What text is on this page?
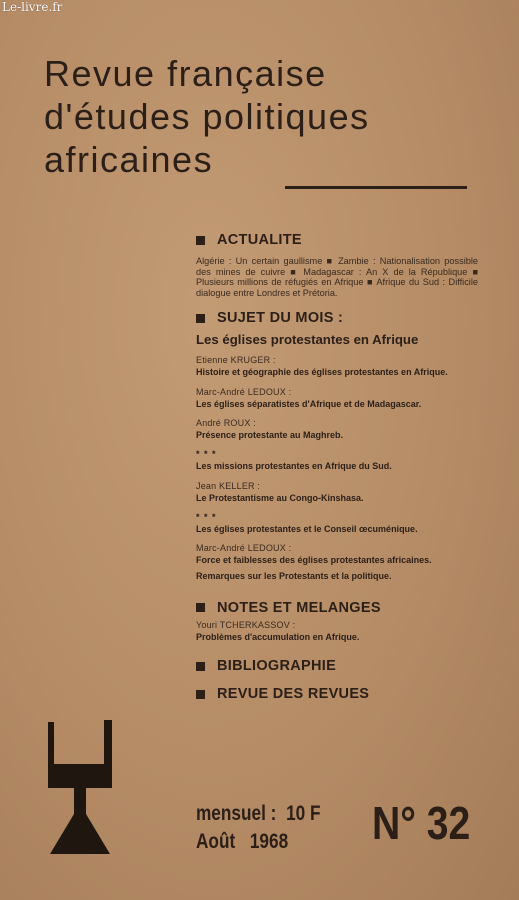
Le-livre.fr
Revue française
d'études politiques
africaines
ACTUALITE
Algérie : Un certain gaullisme ■ Zambie : Nationalisation possible des mines de cuivre ■ Madagascar : An X de la République ■ Plusieurs millions de réfugiés en Afrique ■ Afrique du Sud : Difficile dialogue entre Londres et Prétoria.
SUJET DU MOIS :
Les églises protestantes en Afrique
Etienne KRUGER :
Histoire et géographie des églises protestantes en Afrique.
Marc-André LEDOUX :
Les églises séparatistes d'Afrique et de Madagascar.
André ROUX :
Présence protestante au Maghreb.
* * *
Les missions protestantes en Afrique du Sud.
Jean KELLER :
Le Protestantisme au Congo-Kinshasa.
* * *
Les églises protestantes et le Conseil œcuménique.
Marc-André LEDOUX :
Force et faiblesses des églises protestantes africaines.
Remarques sur les Protestants et la politique.
NOTES ET MELANGES
Youri TCHERKASSOV :
Problèmes d'accumulation en Afrique.
BIBLIOGRAPHIE
REVUE DES REVUES
mensuel : 10 F
Août 1968	N° 32
